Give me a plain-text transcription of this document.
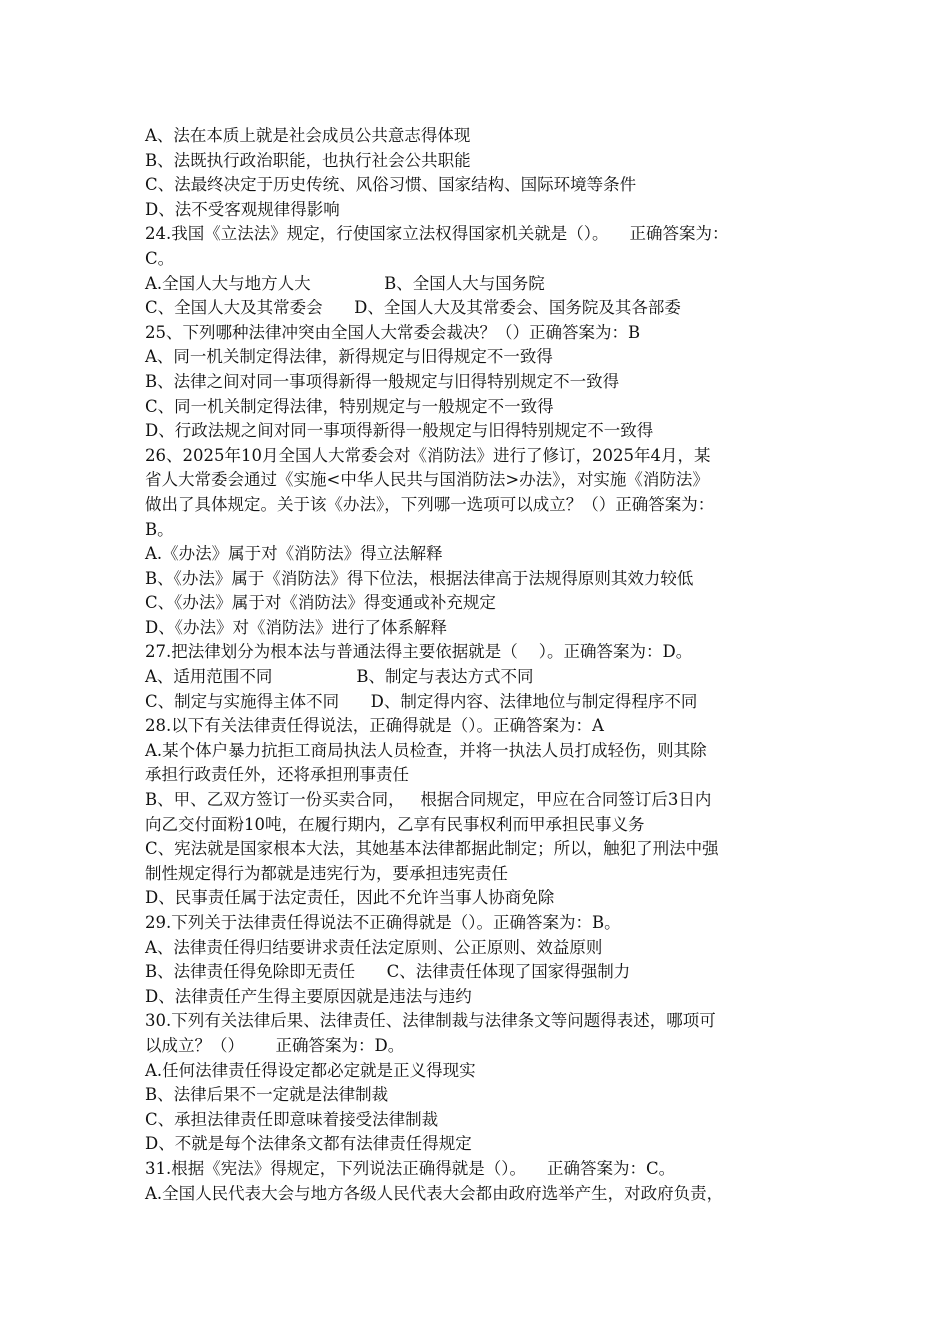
A、法在本质上就是社会成员公共意志得体现
B、法既执行政治职能，也执行社会公共职能
C、法最终决定于历史传统、风俗习惯、国家结构、国际环境等条件
D、法不受客观规律得影响
24.我国《立法法》规定，行使国家立法权得国家机关就是（）。    正确答案为：
C。
A.全国人大与地方人大              B、全国人大与国务院
C、全国人大及其常委会      D、全国人大及其常委会、国务院及其各部委
25、下列哪种法律冲突由全国人大常委会裁决？（）正确答案为：B
A、同一机关制定得法律，新得规定与旧得规定不一致得
B、法律之间对同一事项得新得一般规定与旧得特别规定不一致得
C、同一机关制定得法律，特别规定与一般规定不一致得
D、行政法规之间对同一事项得新得一般规定与旧得特别规定不一致得
26、2025年10月全国人大常委会对《消防法》进行了修订，2025年4月，某
省人大常委会通过《实施<中华人民共与国消防法>办法》，对实施《消防法》
做出了具体规定。关于该《办法》，下列哪一选项可以成立？（）正确答案为：
B。
A.《办法》属于对《消防法》得立法解释
B、《办法》属于《消防法》得下位法，根据法律高于法规得原则其效力较低
C、《办法》属于对《消防法》得变通或补充规定
D、《办法》对《消防法》进行了体系解释
27.把法律划分为根本法与普通法得主要依据就是（    ）。正确答案为：D。
A、适用范围不同                B、制定与表达方式不同
C、制定与实施得主体不同      D、制定得内容、法律地位与制定得程序不同
28.以下有关法律责任得说法，正确得就是（）。正确答案为：A
A.某个体户暴力抗拒工商局执法人员检查，并将一执法人员打成轻伤，则其除
承担行政责任外，还将承担刑事责任
B、甲、乙双方签订一份买卖合同，   根据合同规定，甲应在合同签订后3日内
向乙交付面粉10吨，在履行期内，乙享有民事权利而甲承担民事义务
C、宪法就是国家根本大法，其她基本法律都据此制定；所以，触犯了刑法中强
制性规定得行为都就是违宪行为，要承担违宪责任
D、民事责任属于法定责任，因此不允许当事人协商免除
29.下列关于法律责任得说法不正确得就是（）。正确答案为：B。
A、法律责任得归结要讲求责任法定原则、公正原则、效益原则
B、法律责任得免除即无责任      C、法律责任体现了国家得强制力
D、法律责任产生得主要原因就是违法与违约
30.下列有关法律后果、法律责任、法律制裁与法律条文等问题得表述，哪项可
以成立？（）      正确答案为：D。
A.任何法律责任得设定都必定就是正义得现实
B、法律后果不一定就是法律制裁
C、承担法律责任即意味着接受法律制裁
D、不就是每个法律条文都有法律责任得规定
31.根据《宪法》得规定，下列说法正确得就是（）。    正确答案为：C。
A.全国人民代表大会与地方各级人民代表大会都由政府选举产生，对政府负责，
